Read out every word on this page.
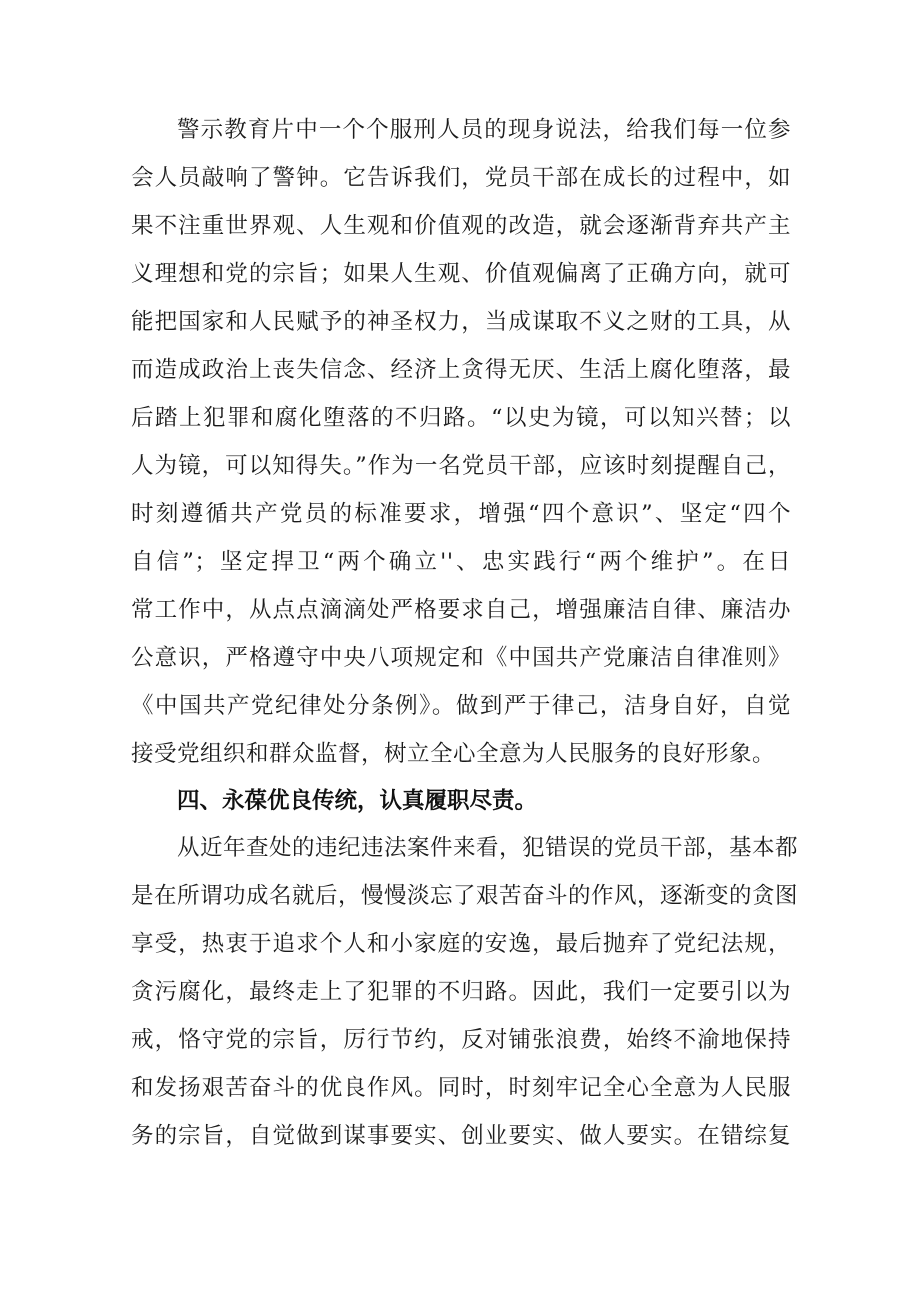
警示教育片中一个个服刑人员的现身说法，给我们每一位参
会人员敲响了警钟。它告诉我们，党员干部在成长的过程中，如
果不注重世界观、人生观和价值观的改造，就会逐渐背弃共产主
义理想和党的宗旨；如果人生观、价值观偏离了正确方向，就可
能把国家和人民赋予的神圣权力，当成谋取不义之财的工具，从
而造成政治上丧失信念、经济上贪得无厌、生活上腐化堕落，最
后踏上犯罪和腐化堕落的不归路。“以史为镜，可以知兴替；以
人为镜，可以知得失。”作为一名党员干部，应该时刻提醒自己，
时刻遵循共产党员的标准要求，增强“四个意识”、坚定“四个
自信”；坚定捍卫“两个确立''、忠实践行“两个维护”。在日
常工作中，从点点滴滴处严格要求自己，增强廉洁自律、廉洁办
公意识，严格遵守中央八项规定和《中国共产党廉洁自律准则》
《中国共产党纪律处分条例》。做到严于律己，洁身自好，自觉
接受党组织和群众监督，树立全心全意为人民服务的良好形象。
四、永葆优良传统，认真履职尽责。
从近年查处的违纪违法案件来看，犯错误的党员干部，基本都
是在所谓功成名就后，慢慢淡忘了艰苦奋斗的作风，逐渐变的贪图
享受，热衷于追求个人和小家庭的安逸，最后抛弃了党纪法规，
贪污腐化，最终走上了犯罪的不归路。因此，我们一定要引以为
戒，恪守党的宗旨，厉行节约，反对铺张浪费，始终不渝地保持
和发扬艰苦奋斗的优良作风。同时，时刻牢记全心全意为人民服
务的宗旨，自觉做到谋事要实、创业要实、做人要实。在错综复
